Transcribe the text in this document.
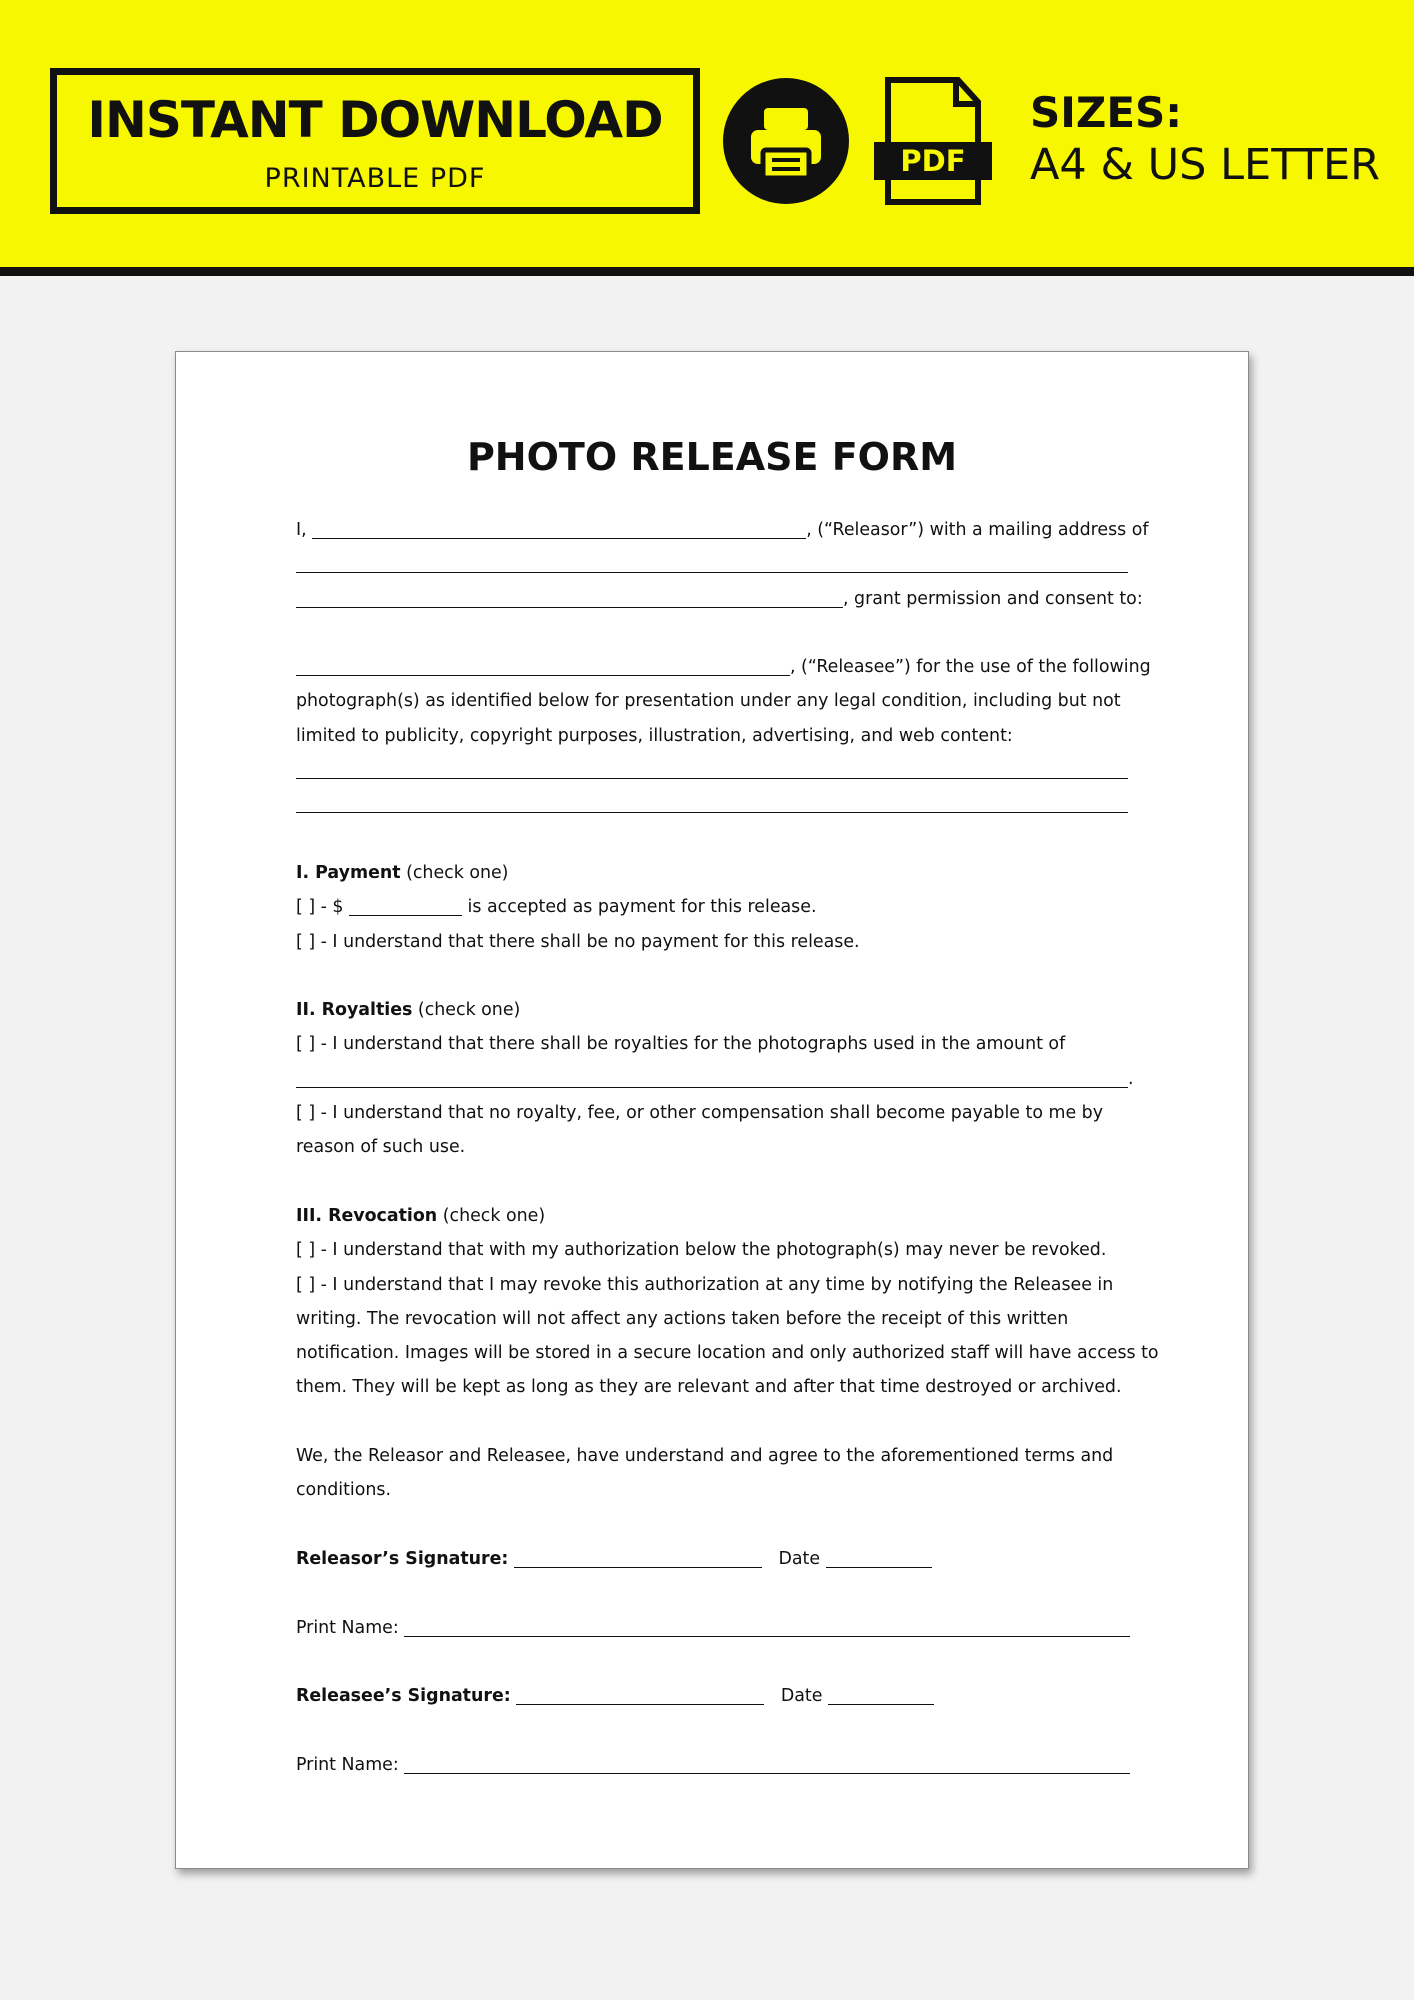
INSTANT DOWNLOAD
PRINTABLE PDF
PDF
SIZES:
A4 & US LETTER
PHOTO RELEASE FORM
I,	, (“Releasor”) with a mailing address of
, grant permission and consent to:
, (“Releasee”) for the use of the following
photograph(s) as identified below for presentation under any legal condition, including but not
limited to publicity, copyright purposes, illustration, advertising, and web content:
I. Payment (check one)
[ ] - $	is accepted as payment for this release.
[ ] - I understand that there shall be no payment for this release.
II. Royalties (check one)
[ ] - I understand that there shall be royalties for the photographs used in the amount of
.
[ ] - I understand that no royalty, fee, or other compensation shall become payable to me by
reason of such use.
III. Revocation (check one)
[ ] - I understand that with my authorization below the photograph(s) may never be revoked.
[ ] - I understand that I may revoke this authorization at any time by notifying the Releasee in
writing. The revocation will not affect any actions taken before the receipt of this written
notification. Images will be stored in a secure location and only authorized staff will have access to
them. They will be kept as long as they are relevant and after that time destroyed or archived.
We, the Releasor and Releasee, have understand and agree to the aforementioned terms and
conditions.
Releasor’s Signature:	Date
Print Name:
Releasee’s Signature:	Date
Print Name:
